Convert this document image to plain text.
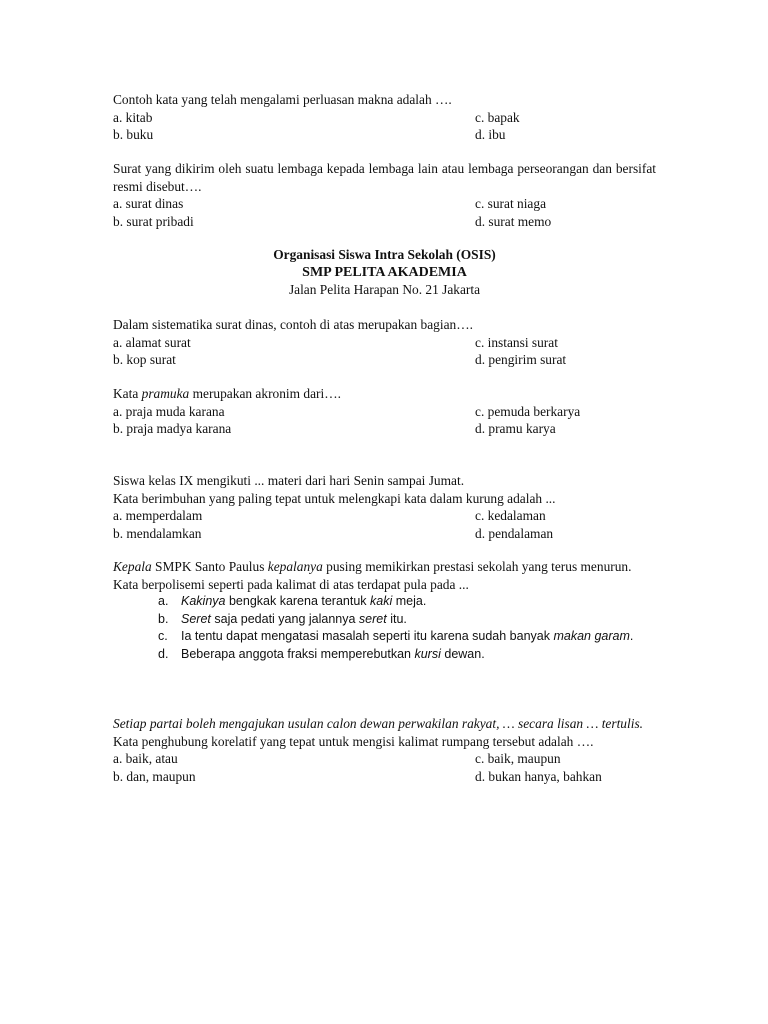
Contoh kata yang telah mengalami perluasan makna adalah ….
a. kitab	c. bapak
b. buku	d. ibu
Surat yang dikirim oleh suatu lembaga kepada lembaga lain atau lembaga perseorangan dan bersifat resmi disebut….
a. surat dinas	c. surat niaga
b. surat pribadi	d. surat memo
Organisasi Siswa Intra Sekolah (OSIS)
SMP PELITA AKADEMIA
Jalan Pelita Harapan No. 21 Jakarta
Dalam sistematika surat dinas, contoh di atas merupakan bagian….
a. alamat surat	c. instansi surat
b. kop surat	d. pengirim surat
Kata pramuka merupakan akronim dari….
a. praja muda karana	c. pemuda berkarya
b. praja madya karana	d. pramu karya
Siswa kelas IX mengikuti ... materi dari hari Senin sampai Jumat.
Kata berimbuhan yang paling tepat untuk melengkapi kata dalam kurung adalah ...
a. memperdalam	c. kedalaman
b. mendalamkan	d. pendalaman
Kepala SMPK Santo Paulus kepalanya pusing memikirkan prestasi sekolah yang terus menurun.
Kata berpolisemi seperti pada kalimat di atas terdapat pula pada ...
a. Kakinya bengkak karena terantuk kaki meja.
b. Seret saja pedati yang jalannya seret itu.
c. Ia tentu dapat mengatasi masalah seperti itu karena sudah banyak makan garam.
d. Beberapa anggota fraksi memperebutkan kursi dewan.
Setiap partai boleh mengajukan usulan calon dewan perwakilan rakyat, … secara lisan … tertulis.
Kata penghubung korelatif yang tepat untuk mengisi kalimat rumpang tersebut adalah ….
a. baik, atau	c. baik, maupun
b. dan, maupun	d. bukan hanya, bahkan
